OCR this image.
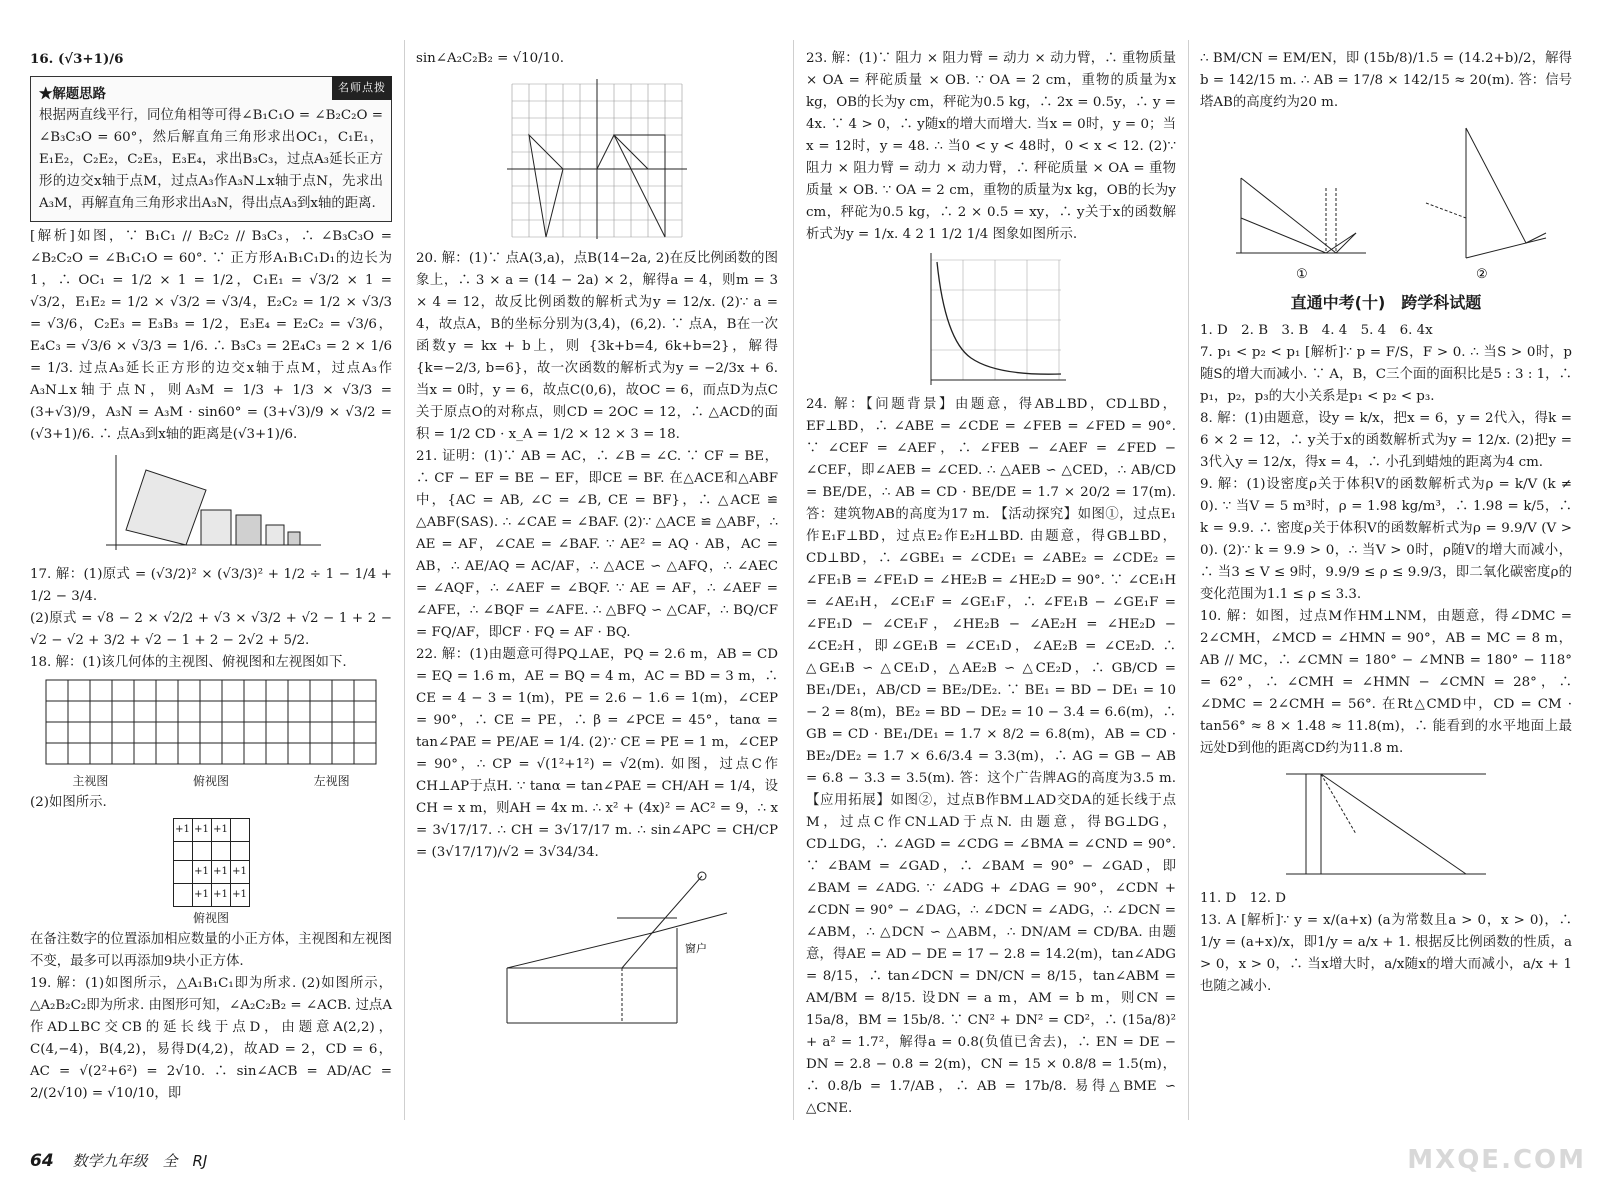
16. (√3+1)/6

名师点拨

★解题思路

根据两直线平行，同位角相等可得∠B₁C₁O = ∠B₂C₂O = ∠B₃C₃O = 60°，然后解直角三角形求出OC₁，C₁E₁，E₁E₂，C₂E₂，C₂E₃，E₃E₄，求出B₃C₃，过点A₃延长正方形的边交x轴于点M，过点A₃作A₃N⊥x轴于点N，先求出A₃M，再解直角三角形求出A₃N，得出点A₃到x轴的距离.

[解析]如图，∵ B₁C₁ // B₂C₂ // B₃C₃，∴ ∠B₃C₃O = ∠B₂C₂O = ∠B₁C₁O = 60°. ∵ 正方形A₁B₁C₁D₁的边长为1，∴ OC₁ = 1/2 × 1 = 1/2，C₁E₁ = √3/2 × 1 = √3/2，E₁E₂ = 1/2 × √3/2 = √3/4，E₂C₂ = 1/2 × √3/3 = √3/6，C₂E₃ = E₃B₃ = 1/2，E₃E₄ = E₂C₂ = √3/6，E₄C₃ = √3/6 × √3/3 = 1/6. ∴ B₃C₃ = 2E₄C₃ = 2 × 1/6 = 1/3. 过点A₃延长正方形的边交x轴于点M，过点A₃作A₃N⊥x轴于点N，则A₃M = 1/3 + 1/3 × √3/3 = (3+√3)/9，A₃N = A₃M · sin60° = (3+√3)/9 × √3/2 = (√3+1)/6. ∴ 点A₃到x轴的距离是(√3+1)/6.

17. 解：(1)原式 = (√3/2)² × (√3/3)² + 1/2 ÷ 1 − 1/4 + 1/2 − 3/4.

(2)原式 = √8 − 2 × √2/2 + √3 × √3/2 + √2 − 1 + 2 − √2 − √2 + 3/2 + √2 − 1 + 2 − 2√2 + 5/2.

18. 解：(1)该几何体的主视图、俯视图和左视图如下.

主视图	俯视图	左视图

(2)如图所示.

+1	+1	+1	

	+1	+1	+1
	+1	+1	+1
俯视图

在备注数字的位置添加相应数量的小正方体，主视图和左视图不变，最多可以再添加9块小正方体.

19. 解：(1)如图所示，△A₁B₁C₁即为所求. (2)如图所示，△A₂B₂C₂即为所求. 由图形可知，∠A₂C₂B₂ = ∠ACB. 过点A作AD⊥BC交CB的延长线于点D，由题意A(2,2)，C(4,−4)，B(4,2)，易得D(4,2)，故AD = 2，CD = 6，AC = √(2²+6²) = 2√10. ∴ sin∠ACB = AD/AC = 2/(2√10) = √10/10，即

sin∠A₂C₂B₂ = √10/10.

20. 解：(1)∵ 点A(3,a)，点B(14−2a, 2)在反比例函数的图象上，∴ 3 × a = (14 − 2a) × 2，解得a = 4，则m = 3 × 4 = 12，故反比例函数的解析式为y = 12/x. (2)∵ a = 4，故点A，B的坐标分别为(3,4)，(6,2). ∵ 点A，B在一次函数y = kx + b上，则 {3k+b=4, 6k+b=2}，解得 {k=−2/3, b=6}，故一次函数的解析式为y = −2/3x + 6. 当x = 0时，y = 6，故点C(0,6)，故OC = 6，而点D为点C关于原点O的对称点，则CD = 2OC = 12，∴ △ACD的面积 = 1/2 CD · x_A = 1/2 × 12 × 3 = 18.

21. 证明：(1)∵ AB = AC，∴ ∠B = ∠C. ∵ CF = BE，∴ CF − EF = BE − EF，即CE = BF. 在△ACE和△ABF中，{AC = AB, ∠C = ∠B, CE = BF}，∴ △ACE ≌ △ABF(SAS). ∴ ∠CAE = ∠BAF. (2)∵ △ACE ≌ △ABF，∴ AE = AF，∠CAE = ∠BAF. ∵ AE² = AQ · AB，AC = AB，∴ AE/AQ = AC/AF，∴ △ACE ∽ △AFQ，∴ ∠AEC = ∠AQF，∴ ∠AEF = ∠BQF. ∵ AE = AF，∴ ∠AEF = ∠AFE，∴ ∠BQF = ∠AFE. ∴ △BFQ ∽ △CAF，∴ BQ/CF = FQ/AF，即CF · FQ = AF · BQ.

22. 解：(1)由题意可得PQ⊥AE，PQ = 2.6 m，AB = CD = EQ = 1.6 m，AE = BQ = 4 m，AC = BD = 3 m，∴ CE = 4 − 3 = 1(m)，PE = 2.6 − 1.6 = 1(m)，∠CEP = 90°，∴ CE = PE，∴ β = ∠PCE = 45°，tanα = tan∠PAE = PE/AE = 1/4. (2)∵ CE = PE = 1 m，∠CEP = 90°，∴ CP = √(1²+1²) = √2(m). 如图，过点C作CH⊥AP于点H. ∵ tanα = tan∠PAE = CH/AH = 1/4，设CH = x m，则AH = 4x m. ∴ x² + (4x)² = AC² = 9，∴ x = 3√17/17. ∴ CH = 3√17/17 m. ∴ sin∠APC = CH/CP = (3√17/17)/√2 = 3√34/34.

窗户

23. 解：(1)∵ 阻力 × 阻力臂 = 动力 × 动力臂，∴ 重物质量 × OA = 秤砣质量 × OB. ∵ OA = 2 cm，重物的质量为x kg，OB的长为y cm，秤砣为0.5 kg，∴ 2x = 0.5y，∴ y = 4x. ∵ 4 > 0，∴ y随x的增大而增大. 当x = 0时，y = 0；当x = 12时，y = 48. ∴ 当0 < y < 48时，0 < x < 12. (2)∵ 阻力 × 阻力臂 = 动力 × 动力臂，∴ 秤砣质量 × OA = 重物质量 × OB. ∵ OA = 2 cm，重物的质量为x kg，OB的长为y cm，秤砣为0.5 kg，∴ 2 × 0.5 = xy，∴ y关于x的函数解析式为y = 1/x. 4 2 1 1/2 1/4 图象如图所示.

24. 解：【问题背景】由题意，得AB⊥BD，CD⊥BD，EF⊥BD，∴ ∠ABE = ∠CDE = ∠FEB = ∠FED = 90°. ∵ ∠CEF = ∠AEF，∴ ∠FEB − ∠AEF = ∠FED − ∠CEF，即∠AEB = ∠CED. ∴ △AEB ∽ △CED，∴ AB/CD = BE/DE，∴ AB = CD · BE/DE = 1.7 × 20/2 = 17(m). 答：建筑物AB的高度为17 m. 【活动探究】如图①，过点E₁作E₁F⊥BD，过点E₂作E₂H⊥BD. 由题意，得GB⊥BD，CD⊥BD，∴ ∠GBE₁ = ∠CDE₁ = ∠ABE₂ = ∠CDE₂ = ∠FE₁B = ∠FE₁D = ∠HE₂B = ∠HE₂D = 90°. ∵ ∠CE₁H = ∠AE₁H，∠CE₁F = ∠GE₁F，∴ ∠FE₁B − ∠GE₁F = ∠FE₁D − ∠CE₁F，∠HE₂B − ∠AE₂H = ∠HE₂D − ∠CE₂H，即∠GE₁B = ∠CE₁D，∠AE₂B = ∠CE₂D. ∴ △GE₁B ∽ △CE₁D，△AE₂B ∽ △CE₂D，∴ GB/CD = BE₁/DE₁，AB/CD = BE₂/DE₂. ∵ BE₁ = BD − DE₁ = 10 − 2 = 8(m)，BE₂ = BD − DE₂ = 10 − 3.4 = 6.6(m)，∴ GB = CD · BE₁/DE₁ = 1.7 × 8/2 = 6.8(m)，AB = CD · BE₂/DE₂ = 1.7 × 6.6/3.4 = 3.3(m)，∴ AG = GB − AB = 6.8 − 3.3 = 3.5(m). 答：这个广告牌AG的高度为3.5 m. 【应用拓展】如图②，过点B作BM⊥AD交DA的延长线于点M，过点C作CN⊥AD于点N. 由题意，得BG⊥DG，CD⊥DG，∴ ∠AGD = ∠CDG = ∠BMA = ∠CND = 90°. ∵ ∠BAM = ∠GAD，∴ ∠BAM = 90° − ∠GAD，即∠BAM = ∠ADG. ∵ ∠ADG + ∠DAG = 90°，∠CDN + ∠CDN = 90° − ∠DAG，∴ ∠DCN = ∠ADG，∴ ∠DCN = ∠ABM，∴ △DCN ∽ △ABM，∴ DN/AM = CD/BA. 由题意，得AE = AD − DE = 17 − 2.8 = 14.2(m)，tan∠ADG = 8/15，∴ tan∠DCN = DN/CN = 8/15，tan∠ABM = AM/BM = 8/15. 设DN = a m，AM = b m，则CN = 15a/8，BM = 15b/8. ∵ CN² + DN² = CD²，∴ (15a/8)² + a² = 1.7²，解得a = 0.8(负值已舍去)，∴ EN = DE − DN = 2.8 − 0.8 = 2(m)，CN = 15 × 0.8/8 = 1.5(m)，∴ 0.8/b = 1.7/AB，∴ AB = 17b/8. 易得△BME ∽ △CNE.

∴ BM/CN = EM/EN，即 (15b/8)/1.5 = (14.2+b)/2，解得b = 142/15 m. ∴ AB = 17/8 × 142/15 ≈ 20(m). 答：信号塔AB的高度约为20 m.

①	②
直通中考(十)　跨学科试题

1. D　2. B　3. B　4. 4　5. 4　6. 4x

7. p₁ < p₂ < p₁ [解析]∵ p = F/S，F > 0. ∴ 当S > 0时，p随S的增大而减小. ∵ A，B，C三个面的面积比是5 : 3 : 1，∴ p₁，p₂，p₃的大小关系是p₁ < p₂ < p₃.

8. 解：(1)由题意，设y = k/x，把x = 6，y = 2代入，得k = 6 × 2 = 12，∴ y关于x的函数解析式为y = 12/x. (2)把y = 3代入y = 12/x，得x = 4，∴ 小孔到蜡烛的距离为4 cm.

9. 解：(1)设密度ρ关于体积V的函数解析式为ρ = k/V (k ≠ 0). ∵ 当V = 5 m³时，ρ = 1.98 kg/m³，∴ 1.98 = k/5，∴ k = 9.9. ∴ 密度ρ关于体积V的函数解析式为ρ = 9.9/V (V > 0). (2)∵ k = 9.9 > 0，∴ 当V > 0时，ρ随V的增大而减小，∴ 当3 ≤ V ≤ 9时，9.9/9 ≤ ρ ≤ 9.9/3，即二氧化碳密度ρ的变化范围为1.1 ≤ ρ ≤ 3.3.

10. 解：如图，过点M作HM⊥NM，由题意，得∠DMC = 2∠CMH，∠MCD = ∠HMN = 90°，AB = MC = 8 m，AB // MC，∴ ∠CMN = 180° − ∠MNB = 180° − 118° = 62°，∴ ∠CMH = ∠HMN − ∠CMN = 28°，∴ ∠DMC = 2∠CMH = 56°. 在Rt△CMD中，CD = CM · tan56° ≈ 8 × 1.48 ≈ 11.8(m)，∴ 能看到的水平地面上最远处D到他的距离CD约为11.8 m.

11. D　12. D

13. A [解析]∵ y = x/(a+x) (a为常数且a > 0，x > 0)，∴ 1/y = (a+x)/x，即1/y = a/x + 1. 根据反比例函数的性质，a > 0，x > 0，∴ 当x增大时，a/x随x的增大而减小，a/x + 1也随之减小.

64 数学九年级　全　RJ	MXQE.COM
